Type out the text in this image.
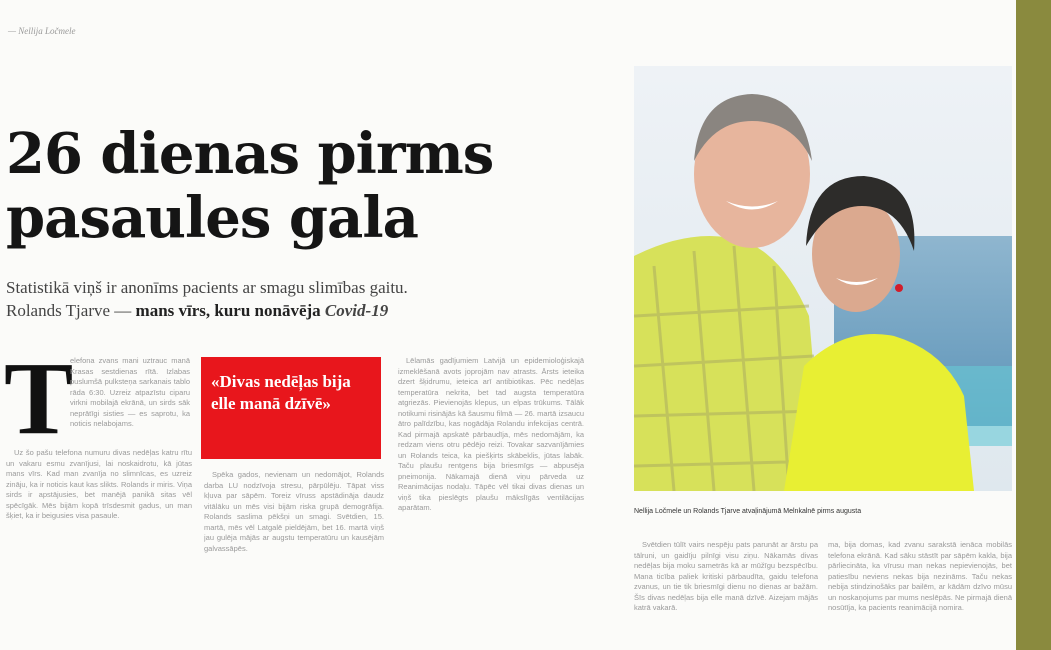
— Nellija Ločmele
26 dienas pirms
pasaules gala
Statistikā viņš ir anonīms pacients ar smagu slimības gaitu.
Rolands Tjarve — mans vīrs, kuru nonāvēja Covid-19
T

elefona zvans mani uztrauc manā Krasas sestdienas rītā. Izlabas puslumšā pulksteņa sarkanais tablo rāda 6:30. Uzreiz atpazīstu ciparu virkni mobilajā ekrānā, un sirds sāk neprātīgi sisties — es saprotu, ka noticis nelabojams.

Uz šo pašu telefona numuru divas nedēļas katru rītu un vakaru esmu zvanījusi, lai noskaidrotu, kā jūtas mans vīrs. Kad man zvanīja no slimnīcas, es uzreiz zināju, ka ir noticis kaut kas slikts. Rolands ir miris. Viņa sirds ir apstājusies, bet manējā panikā sitas vēl spēcīgāk. Mēs bijām kopā trīsdesmit gadus, un man šķiet, ka ir beigusies visa pasaule.

«Divas nedēļas bija elle manā dzīvē»

Spēka gados, nevienam un nedomājot, Rolands darba LU nodzīvoja stresu, pārpūlēju. Tāpat viss kļuva par sāpēm. Toreiz vīruss apstādināja daudz vitālāku un mēs visi bijām riska grupā demogrāfija. Rolands saslima pēkšņi un smagi. Svētdien, 15. martā, mēs vēl Latgalē pieldējām, bet 16. martā viņš jau gulēja mājās ar augstu temperatūru un kausējām galvassāpēs.

Lēlamās gadījumiem Latvijā un epidemioloģiskajā izmeklēšanā avots joprojām nav atrasts. Ārsts ieteika dzert šķidrumu, ieteica arī antibiotikas. Pēc nedēļas temperatūra nekrita, bet tad augsta temperatūra atgriezās. Pievienojās klepus, un elpas trūkums. Tālāk notikumi risinājās kā šausmu filmā — 26. martā izsaucu ātro palīdzību, kas nogādāja Rolandu infekcijas centrā. Kad pirmajā apskatē pārbaudīja, mēs nedomājām, ka redzam viens otru pēdējo reizi. Tovakar sazvanījāmies un Rolands teica, ka piešķirts skābeklis, jūtas labāk. Taču plaušu rentgens bija briesmīgs — abpusēja pneimonija. Nākamajā dienā viņu pārveda uz Reanimācijas nodaļu. Tāpēc vēl tikai divas dienas un viņš tika pieslēgts plaušu mākslīgās ventilācijas aparātam.	Nellija Ločmele un Rolands Tjarve atvaļinājumā Melnkalnē pirms augusta

Svētdien tūlīt vairs nespēju pats parunāt ar ārstu pa tālruni, un gaidīju pilnīgi visu ziņu. Nākamās divas nedēļas bija moku sametrās kā ar mūžīgu bezspēcību. Mana ticība paliek kritiski pārbaudīta, gaidu telefona zvanus, un tie tik briesmīgi dienu no dienas ar bažām. Šīs divas nedēļas bija elle manā dzīvē. Aizejam mājās katrā vakarā.

ma, bija domas, kad zvanu sarakstā ienāca mobilās telefona ekrānā. Kad sāku stāstīt par sāpēm kakla, bija pārliecināta, ka vīrusu man nekas nepievienojās, bet patiesību neviens nekas bija nezināms. Taču nekas nebija stindzinošāks par bailēm, ar kādām dzīvo mūsu un noskaņojums par mums neslēpās. Ne pirmajā dienā nosūtīja, ka pacients reanimācijā nomira.
